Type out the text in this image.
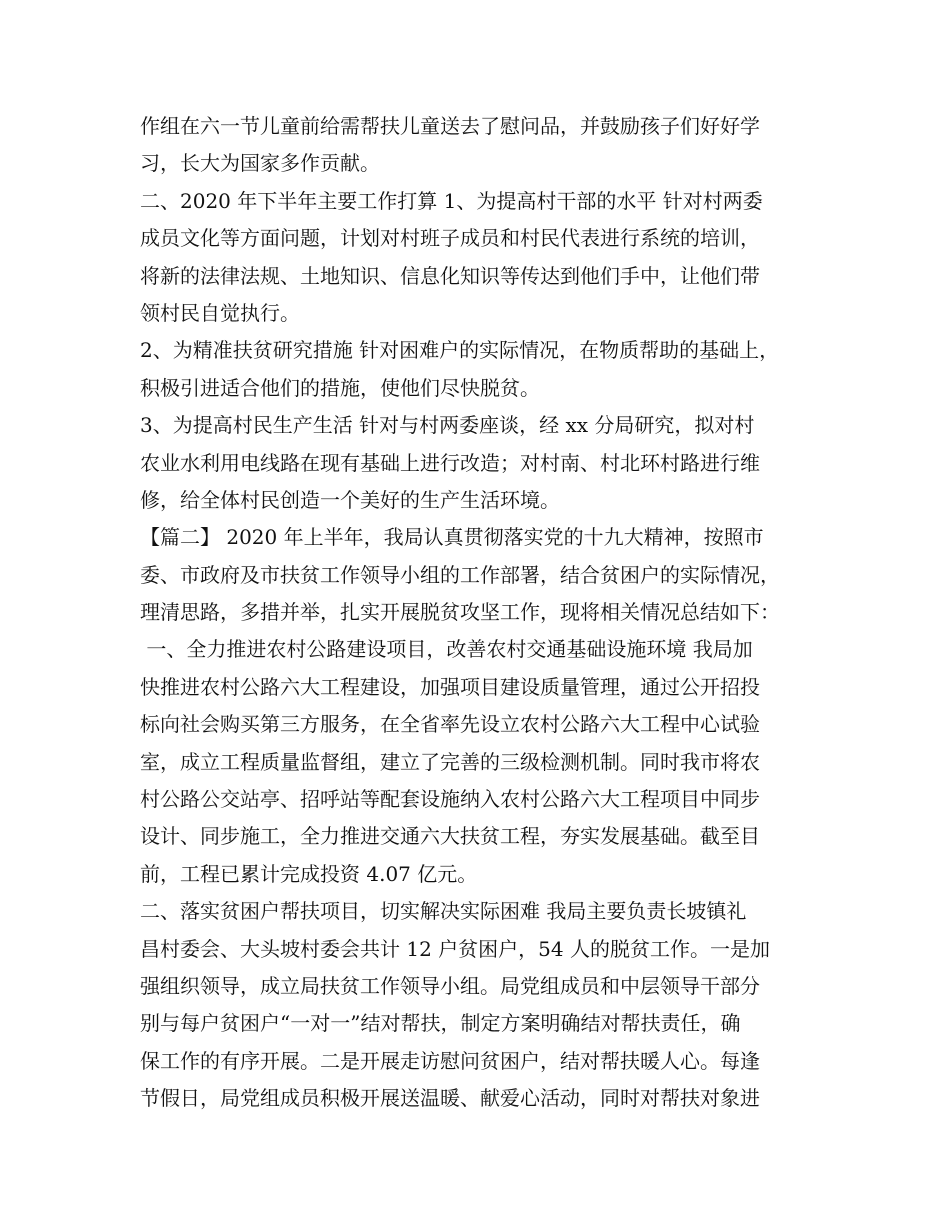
作组在六一节儿童前给需帮扶儿童送去了慰问品，并鼓励孩子们好好学
习，长大为国家多作贡献。
二、2020 年下半年主要工作打算 1、为提高村干部的水平 针对村两委
成员文化等方面问题，计划对村班子成员和村民代表进行系统的培训，
将新的法律法规、土地知识、信息化知识等传达到他们手中，让他们带
领村民自觉执行。
2、为精准扶贫研究措施 针对困难户的实际情况，在物质帮助的基础上，
积极引进适合他们的措施，使他们尽快脱贫。
3、为提高村民生产生活 针对与村两委座谈，经 xx 分局研究，拟对村
农业水利用电线路在现有基础上进行改造；对村南、村北环村路进行维
修，给全体村民创造一个美好的生产生活环境。
【篇二】 2020 年上半年，我局认真贯彻落实党的十九大精神，按照市
委、市政府及市扶贫工作领导小组的工作部署，结合贫困户的实际情况，
理清思路，多措并举，扎实开展脱贫攻坚工作，现将相关情况总结如下：
一、全力推进农村公路建设项目，改善农村交通基础设施环境 我局加
快推进农村公路六大工程建设，加强项目建设质量管理，通过公开招投
标向社会购买第三方服务，在全省率先设立农村公路六大工程中心试验
室，成立工程质量监督组，建立了完善的三级检测机制。同时我市将农
村公路公交站亭、招呼站等配套设施纳入农村公路六大工程项目中同步
设计、同步施工，全力推进交通六大扶贫工程，夯实发展基础。截至目
前，工程已累计完成投资 4.07 亿元。
二、落实贫困户帮扶项目，切实解决实际困难 我局主要负责长坡镇礼
昌村委会、大头坡村委会共计 12 户贫困户，54 人的脱贫工作。一是加
强组织领导，成立局扶贫工作领导小组。局党组成员和中层领导干部分
别与每户贫困户“一对一”结对帮扶，制定方案明确结对帮扶责任，确
保工作的有序开展。二是开展走访慰问贫困户，结对帮扶暖人心。每逢
节假日，局党组成员积极开展送温暖、献爱心活动，同时对帮扶对象进
